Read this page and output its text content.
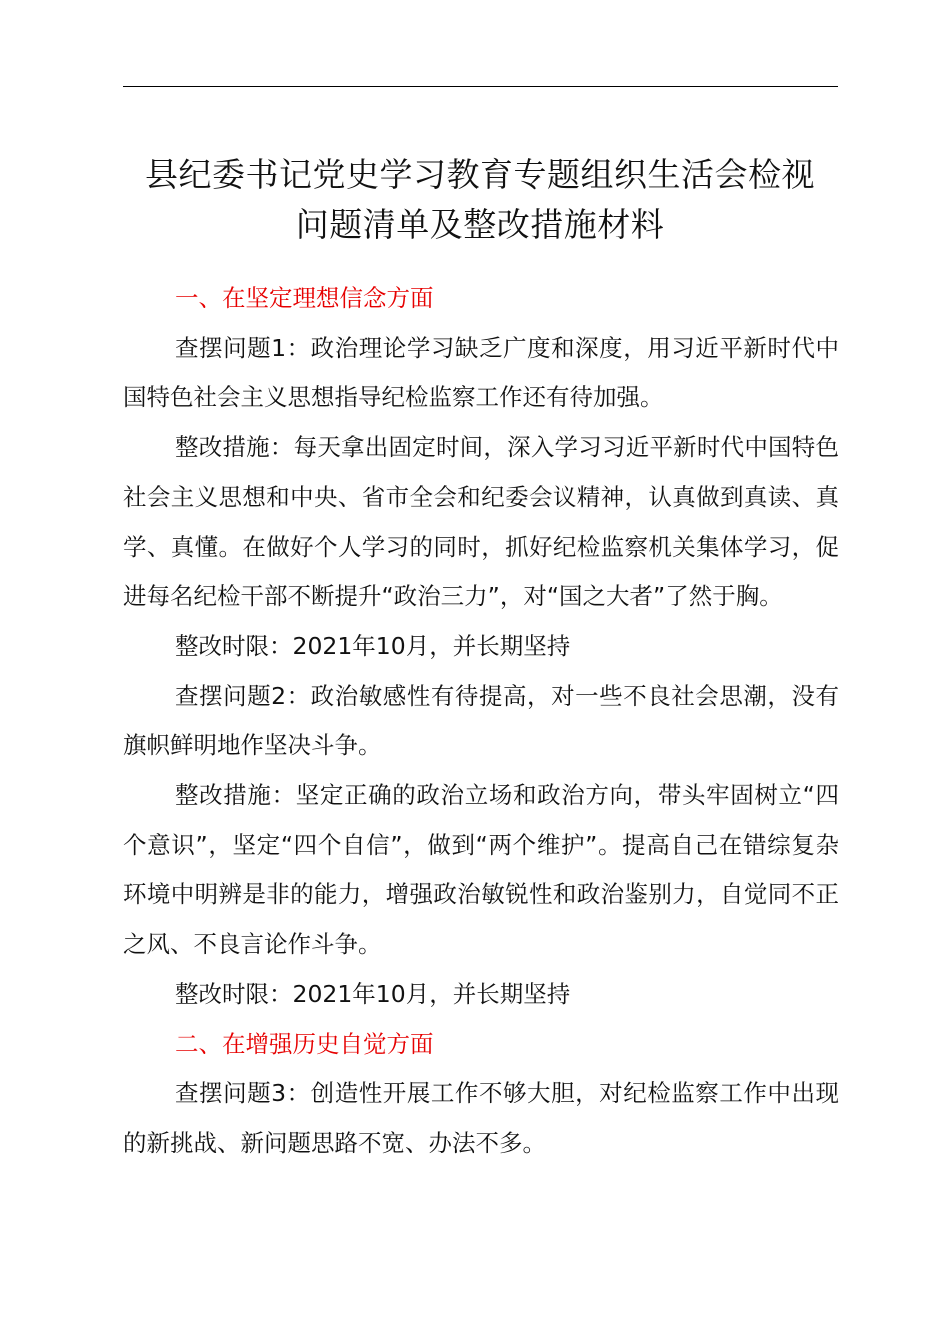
县纪委书记党史学习教育专题组织生活会检视
问题清单及整改措施材料

一、在坚定理想信念方面

查摆问题1：政治理论学习缺乏广度和深度，用习近平新时代中国特色社会主义思想指导纪检监察工作还有待加强。

整改措施：每天拿出固定时间，深入学习习近平新时代中国特色社会主义思想和中央、省市全会和纪委会议精神，认真做到真读、真学、真懂。在做好个人学习的同时，抓好纪检监察机关集体学习，促进每名纪检干部不断提升“政治三力”，对“国之大者”了然于胸。

整改时限：2021年10月，并长期坚持

查摆问题2：政治敏感性有待提高，对一些不良社会思潮，没有旗帜鲜明地作坚决斗争。

整改措施：坚定正确的政治立场和政治方向，带头牢固树立“四个意识”，坚定“四个自信”，做到“两个维护”。提高自己在错综复杂环境中明辨是非的能力，增强政治敏锐性和政治鉴别力，自觉同不正之风、不良言论作斗争。

整改时限：2021年10月，并长期坚持

二、在增强历史自觉方面

查摆问题3：创造性开展工作不够大胆，对纪检监察工作中出现的新挑战、新问题思路不宽、办法不多。
